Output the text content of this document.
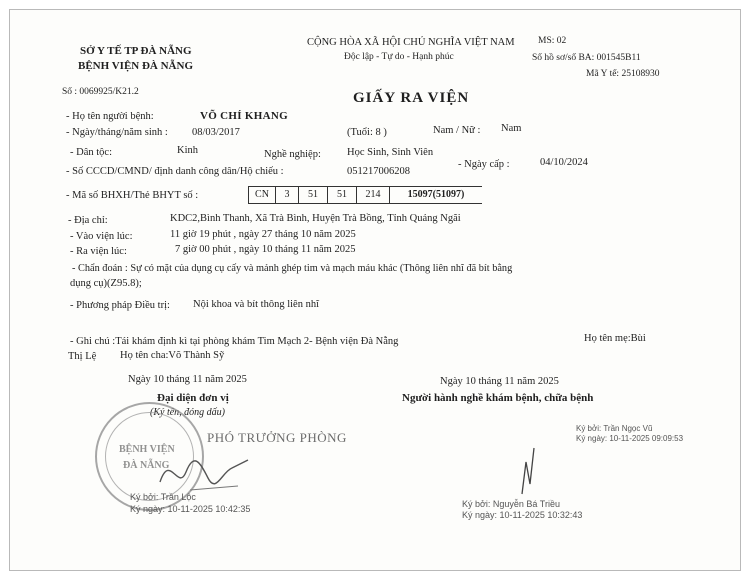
SỞ Y TẾ TP ĐÀ NẴNG
BỆNH VIỆN ĐÀ NẴNG
Số : 0069925/K21.2
CỘNG HÒA XÃ HỘI CHỦ NGHĨA VIỆT NAM
Độc lập - Tự do - Hạnh phúc
MS: 02
Số hồ sơ/số BA: 001545B11
Mã Y tế: 25108930
GIẤY RA VIỆN
- Họ tên người bệnh:	VÕ CHÍ KHANG
- Ngày/tháng/năm sinh : 08/03/2017	(Tuổi: 8 )	Nam / Nữ : Nam
- Dân tộc:	Kinh	Nghề nghiệp: Học Sinh, Sinh Viên
- Số CCCD/CMND/ định danh công dân/Hộ chiếu :	051217006208
- Ngày cấp :	04/10/2024
- Mã số BHXH/Thẻ BHYT số :	CN	3	51	51	214	15097(51097)
- Địa chỉ:	KDC2,Bình Thanh, Xã Trà Bình, Huyện Trà Bồng, Tỉnh Quảng Ngãi
- Vào viện lúc:	11 giờ 19 phút , ngày 27 tháng 10 năm 2025
- Ra viện lúc:	7 giờ 00 phút , ngày 10 tháng 11 năm 2025
- Chẩn đoán : Sự có mặt của dụng cụ cấy và mảnh ghép tim và mạch máu khác (Thông liên nhĩ đã bít bằng
dụng cụ)(Z95.8);
- Phương pháp Điều trị: Nội khoa và bít thông liên nhĩ
- Ghi chú :Tái khám định kì tại phòng khám Tim Mạch 2- Bệnh viện Đà Nẵng	Họ tên mẹ:Bùi
Thị Lệ Họ tên cha:Võ Thành Sỹ
Ngày 10 tháng 11 năm 2025
Đại diện đơn vị
(Ký tên, đóng dấu)
BỆNH VIỆN
ĐÀ NẴNG
PHÓ TRƯỞNG PHÒNG
Ký bởi: Trần Lộc
Ký ngày: 10-11-2025 10:42:35
Ngày 10 tháng 11 năm 2025
Người hành nghề khám bệnh, chữa bệnh
Ký bởi: Trần Ngọc Vũ
Ký ngày: 10-11-2025 09:09:53
Ký bởi: Nguyễn Bá Triều
Ký ngày: 10-11-2025 10:32:43
